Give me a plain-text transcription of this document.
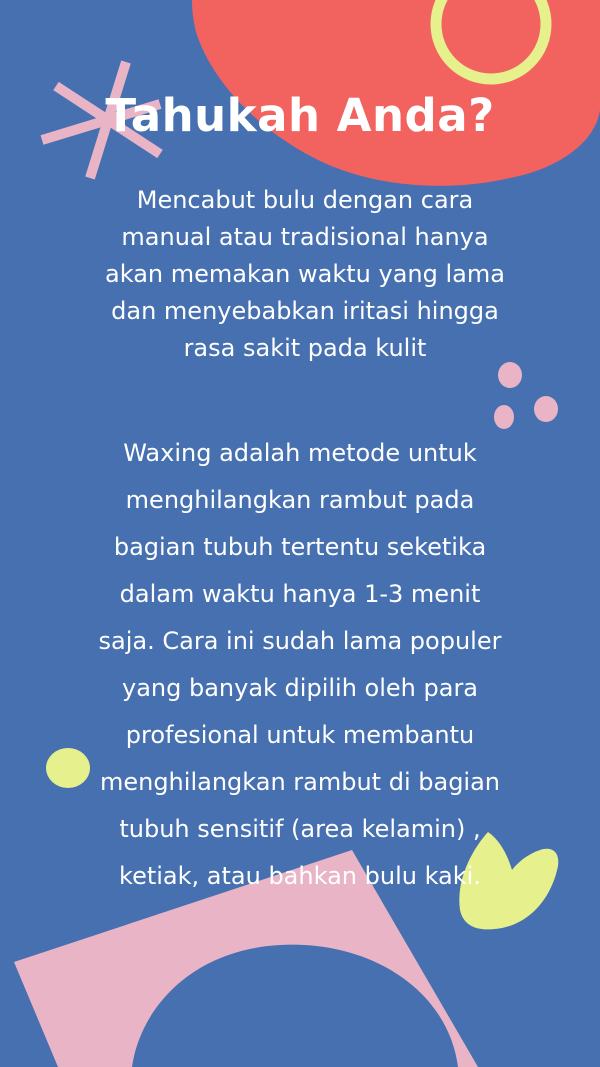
Tahukah Anda?

Mencabut bulu dengan cara manual atau tradisional hanya akan memakan waktu yang lama dan menyebabkan iritasi hingga rasa sakit pada kulit

Waxing adalah metode untuk menghilangkan rambut pada bagian tubuh tertentu seketika dalam waktu hanya 1-3 menit saja. Cara ini sudah lama populer yang banyak dipilih oleh para profesional untuk membantu menghilangkan rambut di bagian tubuh sensitif (area kelamin) , ketiak, atau bahkan bulu kaki.
